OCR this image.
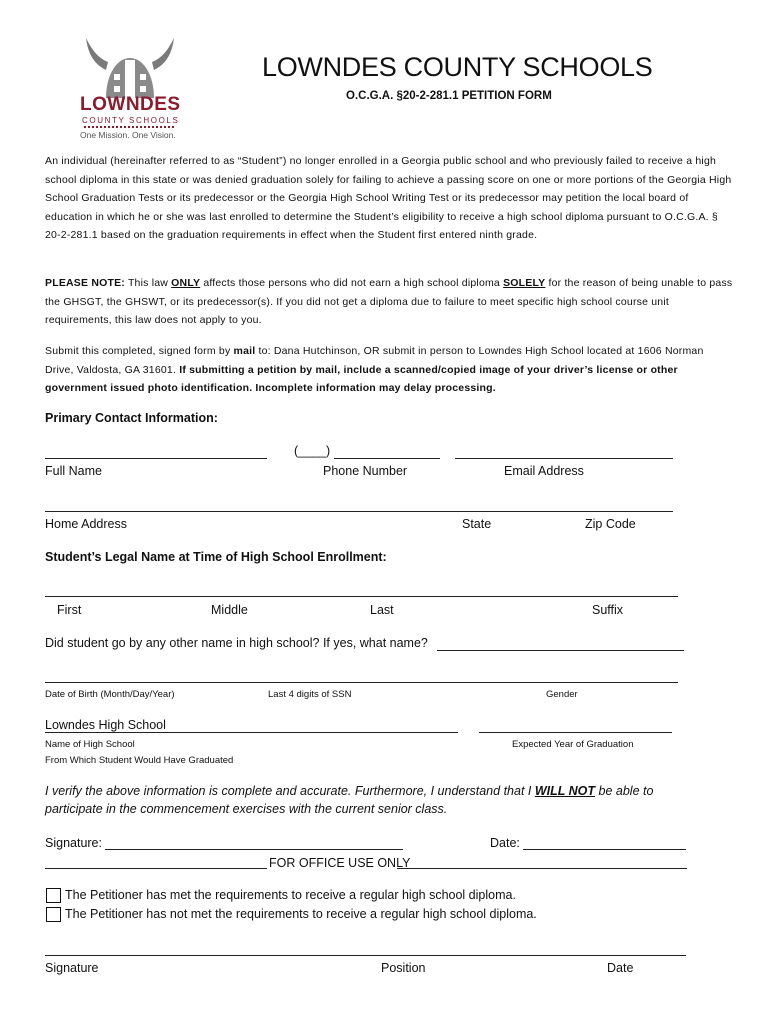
LOWNDES
COUNTY SCHOOLS
One Mission. One Vision.
LOWNDES COUNTY SCHOOLS
O.C.G.A. §20-2-281.1 PETITION FORM
An individual (hereinafter referred to as “Student”) no longer enrolled in a Georgia public school and who previously failed to receive a high school diploma in this state or was denied graduation solely for failing to achieve a passing score on one or more portions of the Georgia High School Graduation Tests or its predecessor or the Georgia High School Writing Test or its predecessor may petition the local board of education in which he or she was last enrolled to determine the Student’s eligibility to receive a high school diploma pursuant to O.C.G.A. § 20-2-281.1 based on the graduation requirements in effect when the Student first entered ninth grade.
PLEASE NOTE: This law ONLY affects those persons who did not earn a high school diploma SOLELY for the reason of being unable to pass the GHSGT, the GHSWT, or its predecessor(s). If you did not get a diploma due to failure to meet specific high school course unit requirements, this law does not apply to you.
Submit this completed, signed form by mail to: Dana Hutchinson, OR submit in person to Lowndes High School located at 1606 Norman Drive, Valdosta, GA 31601. If submitting a petition by mail, include a scanned/copied image of your driver’s license or other government issued photo identification. Incomplete information may delay processing.
Primary Contact Information:
(____)
Full Name	Phone Number	Email Address
Home Address	State	Zip Code
Student’s Legal Name at Time of High School Enrollment:
First	Middle	Last	Suffix
Did student go by any other name in high school? If yes, what name?
Date of Birth (Month/Day/Year)	Last 4 digits of SSN	Gender
Lowndes High School
Name of High School
From Which Student Would Have Graduated
Expected Year of Graduation
I verify the above information is complete and accurate. Furthermore, I understand that I WILL NOT be able to participate in the commencement exercises with the current senior class.
Signature:	Date:
FOR OFFICE USE ONLY
The Petitioner has met the requirements to receive a regular high school diploma.
The Petitioner has not met the requirements to receive a regular high school diploma.
Signature	Position	Date
